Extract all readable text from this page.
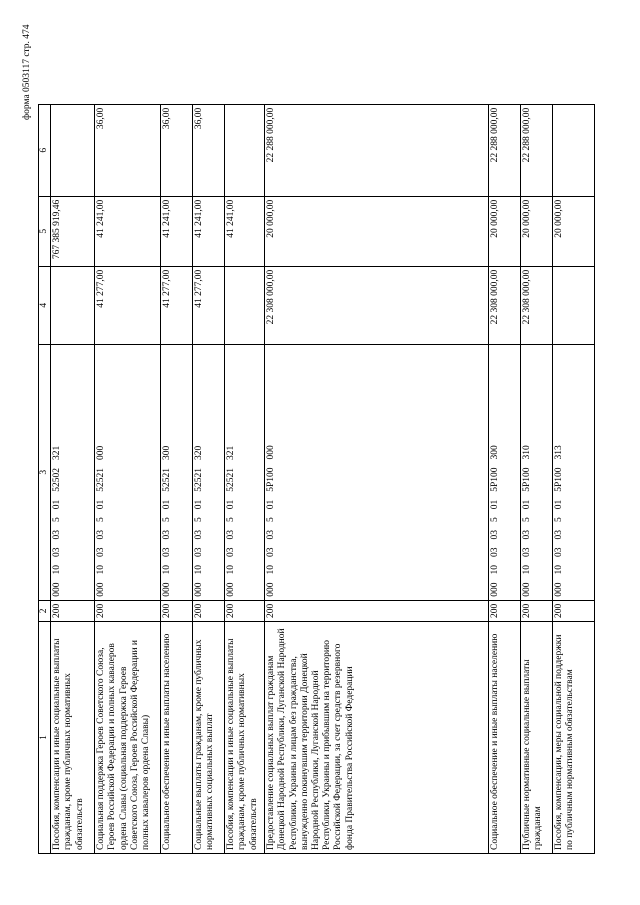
форма 0503117 стр. 474
1	2	3	4	5	6
Пособия, компенсации и иные социальные выплаты гражданам, кроме публичных нормативных обязательств	200	00010030350152502321		767 385 919,46	
Социальная поддержка Героев Советского Союза, Героев Российской Федерации и полных кавалеров ордена Славы (социальная поддержка Героев Советского Союза, Героев Российской Федерации и полных кавалеров ордена Славы)	200	00010030350152521000	41 277,00	41 241,00	36,00
Социальное обеспечение и иные выплаты населению	200	00010030350152521300	41 277,00	41 241,00	36,00
Социальные выплаты гражданам, кроме публичных нормативных социальных выплат	200	00010030350152521320	41 277,00	41 241,00	36,00
Пособия, компенсации и иные социальные выплаты гражданам, кроме публичных нормативных обязательств	200	00010030350152521321		41 241,00	
Предоставление социальных выплат гражданам Донецкой Народной Республики, Луганской Народной Республики, Украины и лицам без гражданства, вынужденно покинувшим территории Донецкой Народной Республики, Луганской Народной Республики, Украины и прибывшим на территорию Российской Федерации, за счет средств резервного фонда Правительства Российской Федерации	200	0001003035015P100000	22 308 000,00	20 000,00	22 288 000,00
Социальное обеспечение и иные выплаты населению	200	0001003035015P100300	22 308 000,00	20 000,00	22 288 000,00
Публичные нормативные социальные выплаты гражданам	200	0001003035015P100310	22 308 000,00	20 000,00	22 288 000,00
Пособия, компенсации, меры социальной поддержки по публичным нормативным обязательствам	200	0001003035015P100313		20 000,00	
